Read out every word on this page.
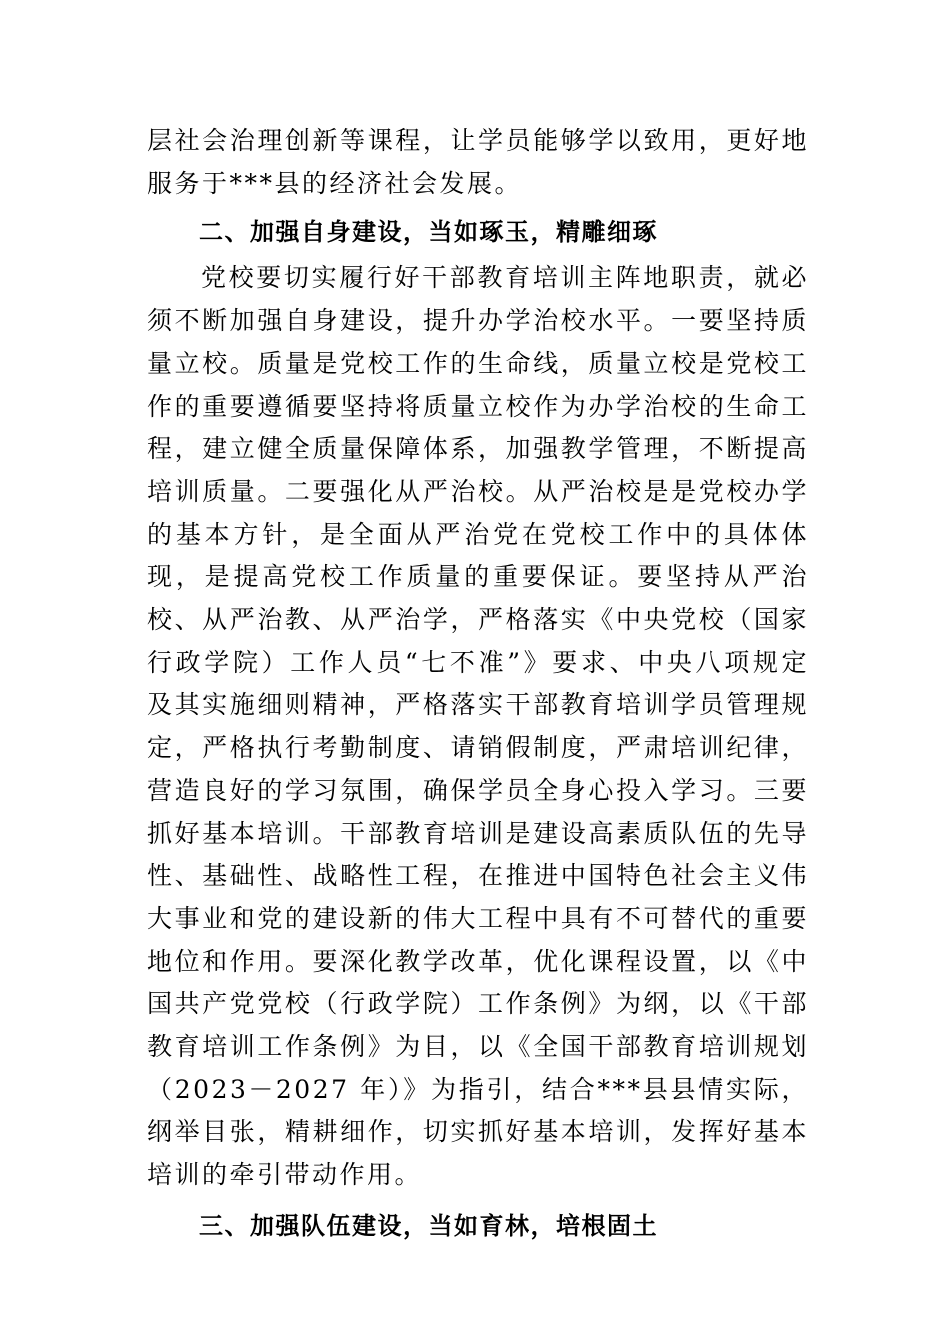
层社会治理创新等课程，让学员能够学以致用，更好地服务于***县的经济社会发展。

二、加强自身建设，当如琢玉，精雕细琢

党校要切实履行好干部教育培训主阵地职责，就必须不断加强自身建设，提升办学治校水平。一要坚持质量立校。质量是党校工作的生命线，质量立校是党校工作的重要遵循要坚持将质量立校作为办学治校的生命工程，建立健全质量保障体系，加强教学管理，不断提高培训质量。二要强化从严治校。从严治校是是党校办学的基本方针，是全面从严治党在党校工作中的具体体现，是提高党校工作质量的重要保证。要坚持从严治校、从严治教、从严治学，严格落实《中央党校（国家行政学院）工作人员“七不准”》要求、中央八项规定及其实施细则精神，严格落实干部教育培训学员管理规定，严格执行考勤制度、请销假制度，严肃培训纪律，营造良好的学习氛围，确保学员全身心投入学习。三要抓好基本培训。干部教育培训是建设高素质队伍的先导性、基础性、战略性工程，在推进中国特色社会主义伟大事业和党的建设新的伟大工程中具有不可替代的重要地位和作用。要深化教学改革，优化课程设置，以《中国共产党党校（行政学院）工作条例》为纲，以《干部教育培训工作条例》为目，以《全国干部教育培训规划（2023－2027 年）》为指引，结合***县县情实际，纲举目张，精耕细作，切实抓好基本培训，发挥好基本培训的牵引带动作用。

三、加强队伍建设，当如育林，培根固土
